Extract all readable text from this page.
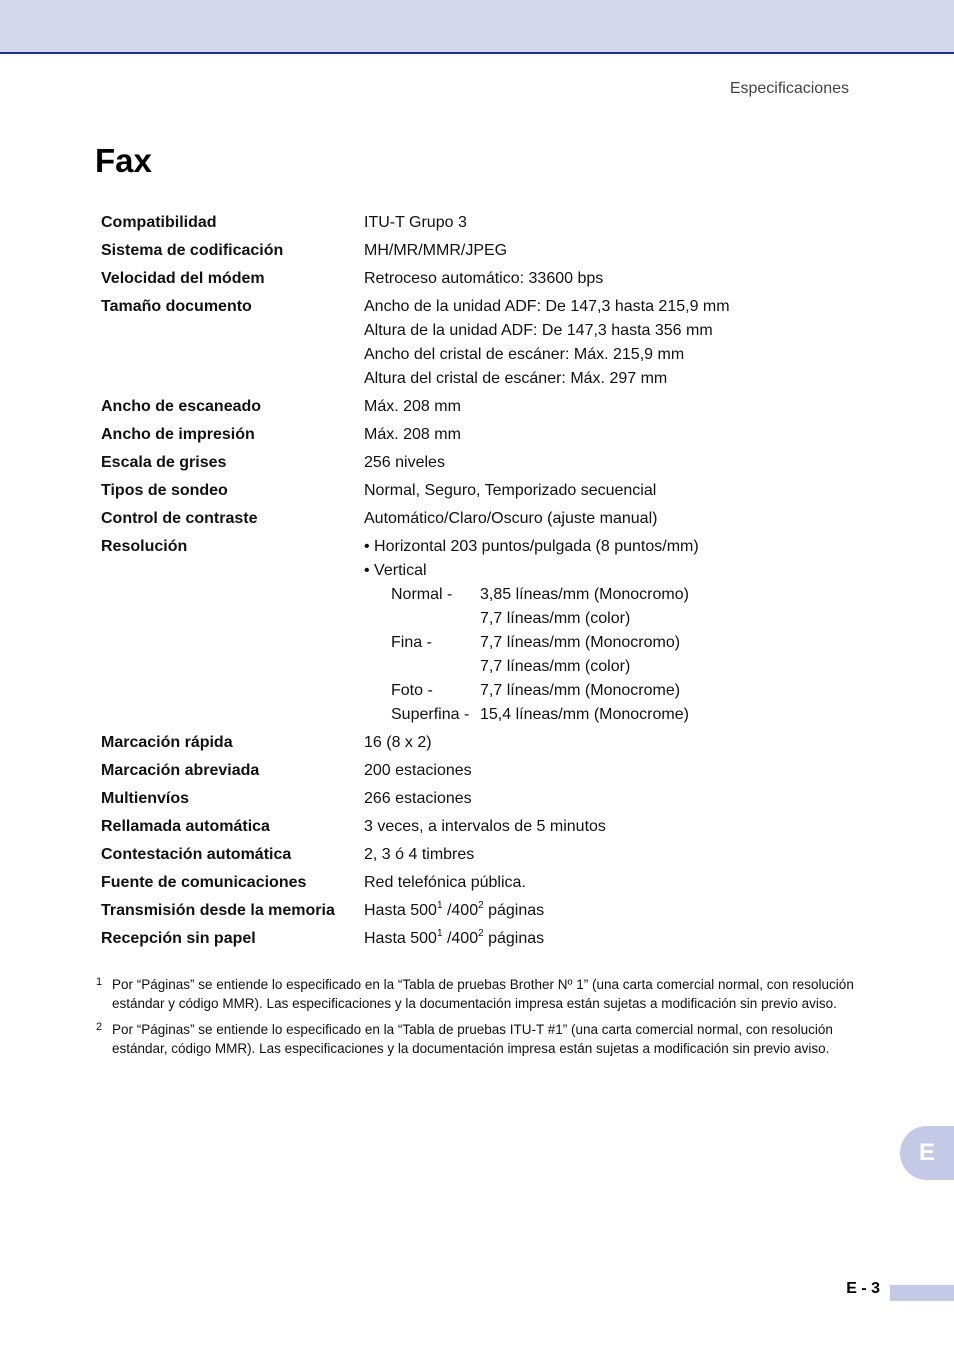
Especificaciones
Fax
Compatibilidad	ITU-T Grupo 3
Sistema de codificación	MH/MR/MMR/JPEG
Velocidad del módem	Retroceso automático: 33600 bps
Tamaño documento	Ancho de la unidad ADF: De 147,3 hasta 215,9 mm
Altura de la unidad ADF: De 147,3 hasta 356 mm
Ancho del cristal de escáner: Máx. 215,9 mm
Altura del cristal de escáner: Máx. 297 mm
Ancho de escaneado	Máx. 208 mm
Ancho de impresión	Máx. 208 mm
Escala de grises	256 niveles
Tipos de sondeo	Normal, Seguro, Temporizado secuencial
Control de contraste	Automático/Claro/Oscuro (ajuste manual)
Resolución	• Horizontal 203 puntos/pulgada (8 puntos/mm)
• Vertical
Normal -	3,85 líneas/mm (Monocromo)
7,7 líneas/mm (color)
Fina -	7,7 líneas/mm (Monocromo)
7,7 líneas/mm (color)
Foto -	7,7 líneas/mm (Monocrome)
Superfina - 15,4 líneas/mm (Monocrome)
Marcación rápida	16 (8 x 2)
Marcación abreviada	200 estaciones
Multienvíos	266 estaciones
Rellamada automática	3 veces, a intervalos de 5 minutos
Contestación automática	2, 3 ó 4 timbres
Fuente de comunicaciones	Red telefónica pública.
Transmisión desde la memoria	Hasta $500^1$ $/400^2$ páginas
Recepción sin papel	Hasta $500^1$ $/400^2$ páginas
1 Por “Páginas” se entiende lo especificado en la “Tabla de pruebas Brother Nº 1” (una carta comercial normal, con resolución estándar y código MMR). Las especificaciones y la documentación impresa están sujetas a modificación sin previo aviso.
2 Por “Páginas” se entiende lo especificado en la “Tabla de pruebas ITU-T #1” (una carta comercial normal, con resolución estándar, código MMR). Las especificaciones y la documentación impresa están sujetas a modificación sin previo aviso.
E
E - 3
